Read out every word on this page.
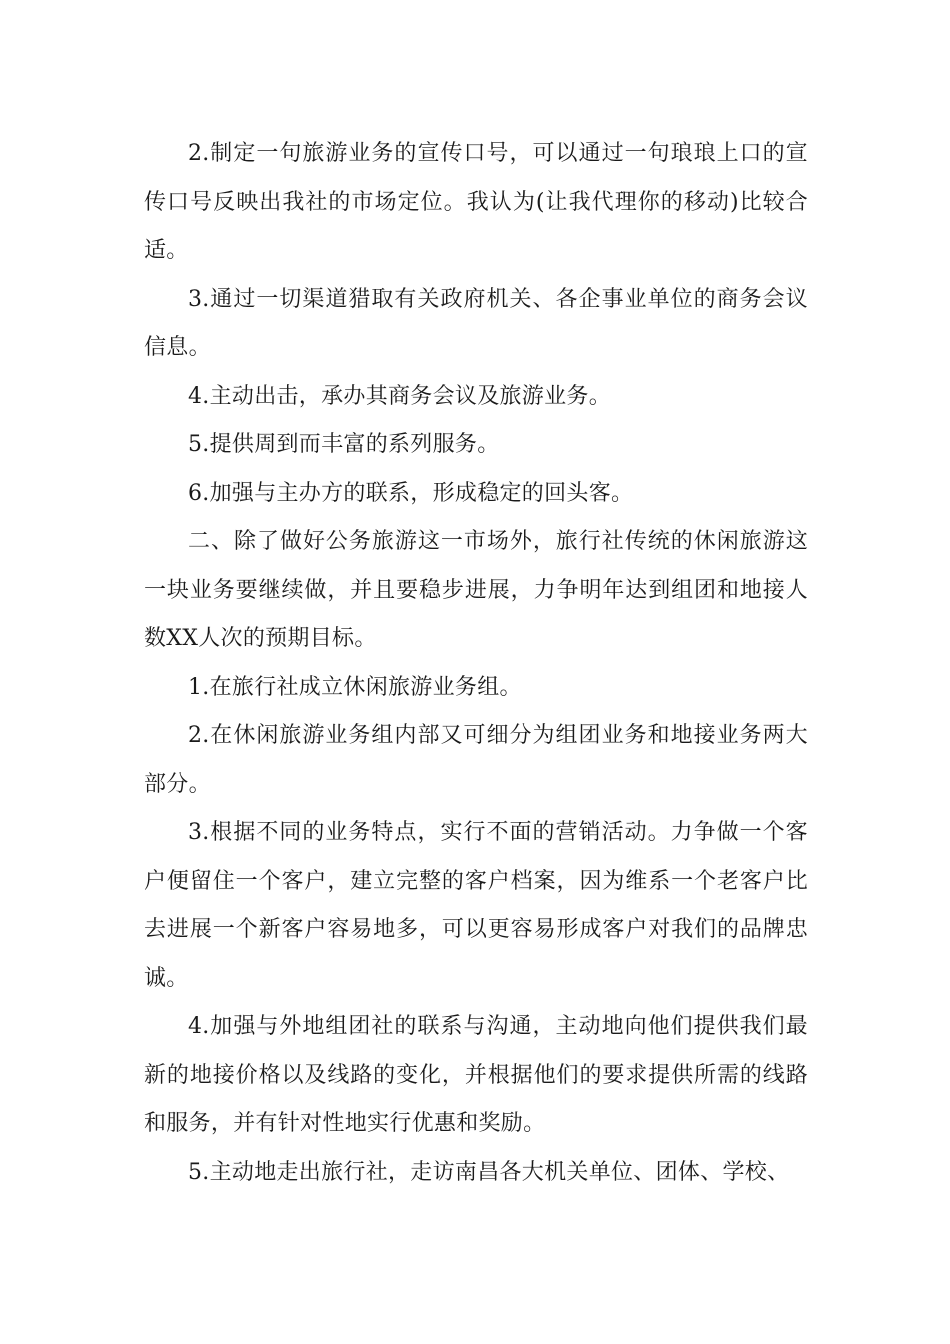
2.制定一句旅游业务的宣传口号，可以通过一句琅琅上口的宣传口号反映出我社的市场定位。我认为(让我代理你的移动)比较合适。

3.通过一切渠道猎取有关政府机关、各企事业单位的商务会议信息。

4.主动出击，承办其商务会议及旅游业务。

5.提供周到而丰富的系列服务。

6.加强与主办方的联系，形成稳定的回头客。

二、除了做好公务旅游这一市场外，旅行社传统的休闲旅游这一块业务要继续做，并且要稳步进展，力争明年达到组团和地接人数XX人次的预期目标。

1.在旅行社成立休闲旅游业务组。

2.在休闲旅游业务组内部又可细分为组团业务和地接业务两大部分。

3.根据不同的业务特点，实行不面的营销活动。力争做一个客户便留住一个客户，建立完整的客户档案，因为维系一个老客户比去进展一个新客户容易地多，可以更容易形成客户对我们的品牌忠诚。

4.加强与外地组团社的联系与沟通，主动地向他们提供我们最新的地接价格以及线路的变化，并根据他们的要求提供所需的线路和服务，并有针对性地实行优惠和奖励。

5.主动地走出旅行社，走访南昌各大机关单位、团体、学校、
